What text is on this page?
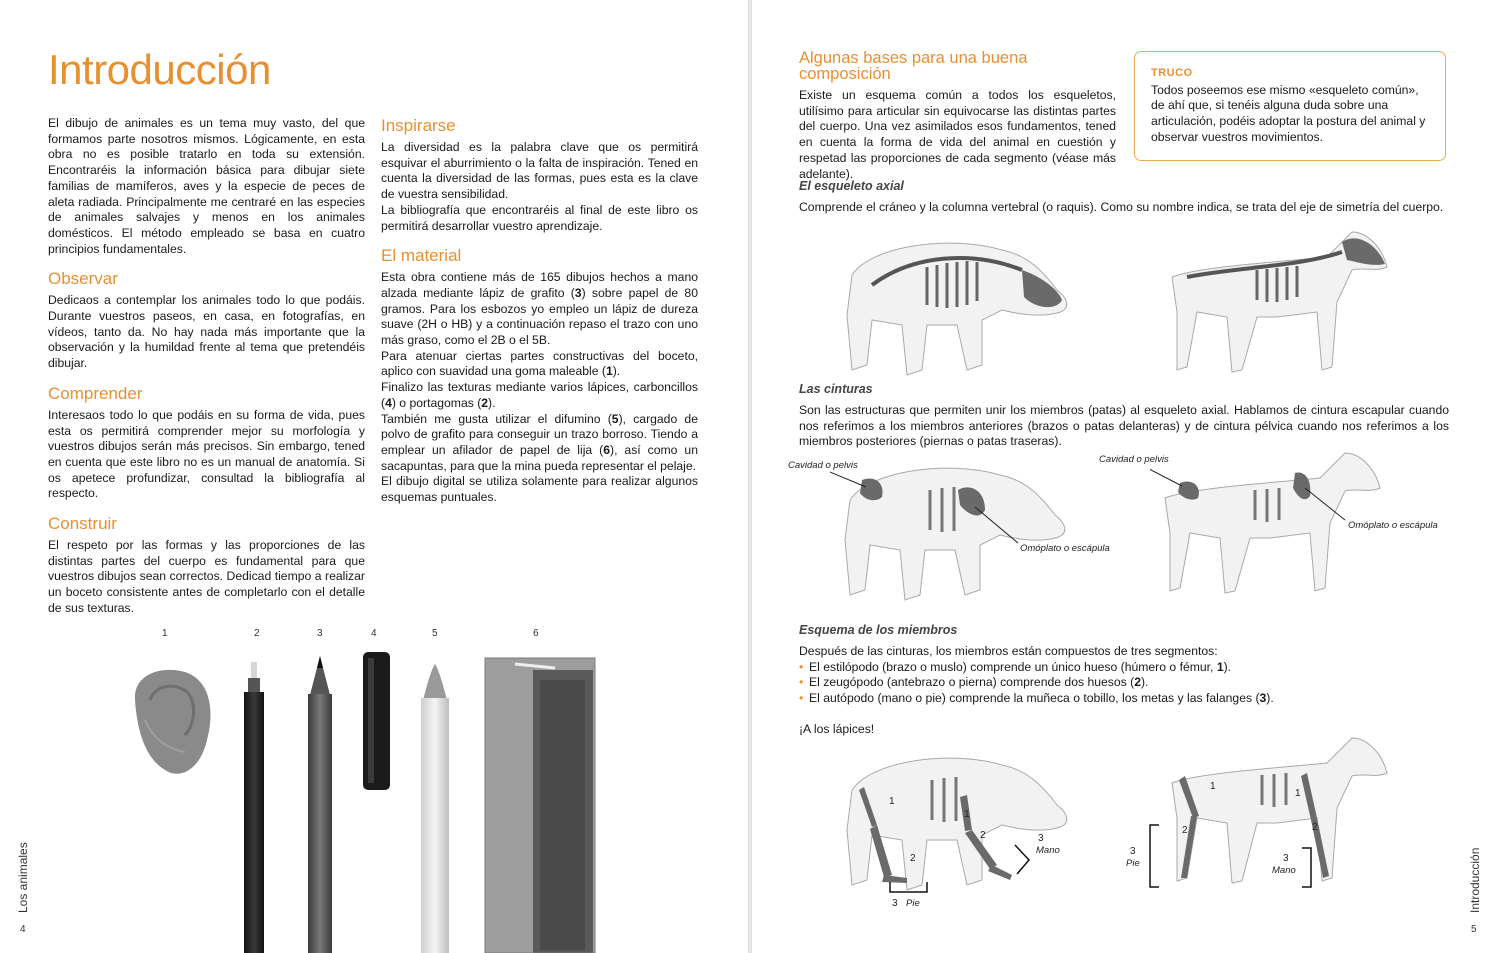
Introducción

El dibujo de animales es un tema muy vasto, del que formamos parte nosotros mismos. Lógicamente, en esta obra no es posible tratarlo en toda su extensión. Encontraréis la información básica para dibujar siete familias de mamíferos, aves y la especie de peces de aleta radiada. Principalmente me centraré en las especies de animales salvajes y menos en los animales domésticos. El método empleado se basa en cuatro principios fundamentales.

Observar

Dedicaos a contemplar los animales todo lo que podáis. Durante vuestros paseos, en casa, en fotografías, en vídeos, tanto da. No hay nada más importante que la observación y la humildad frente al tema que pretendéis dibujar.

Comprender

Interesaos todo lo que podáis en su forma de vida, pues esta os permitirá comprender mejor su morfología y vuestros dibujos serán más precisos. Sin embargo, tened en cuenta que este libro no es un manual de anatomía. Si os apetece profundizar, consultad la bibliografía al respecto.

Construir

El respeto por las formas y las proporciones de las distintas partes del cuerpo es fundamental para que vuestros dibujos sean correctos. Dedicad tiempo a realizar un boceto consistente antes de completarlo con el detalle de sus texturas.

Inspirarse

La diversidad es la palabra clave que os permitirá esquivar el aburrimiento o la falta de inspiración. Tened en cuenta la diversidad de las formas, pues esta es la clave de vuestra sensibilidad.

La bibliografía que encontraréis al final de este libro os permitirá desarrollar vuestro aprendizaje.

El material

Esta obra contiene más de 165 dibujos hechos a mano alzada mediante lápiz de grafito (3) sobre papel de 80 gramos. Para los esbozos yo empleo un lápiz de dureza suave (2H o HB) y a continuación repaso el trazo con uno más graso, como el 2B o el 5B.

Para atenuar ciertas partes constructivas del boceto, aplico con suavidad una goma maleable (1).

Finalizo las texturas mediante varios lápices, carboncillos (4) o portagomas (2).

También me gusta utilizar el difumino (5), cargado de polvo de grafito para conseguir un trazo borroso. Tiendo a emplear un afilador de papel de lija (6), así como un sacapuntas, para que la mina pueda representar el pelaje.

El dibujo digital se utiliza solamente para realizar algunos esquemas puntuales.

1	2	3	4	5	6
Los animales
4
Algunas bases para una buena composición

Existe un esquema común a todos los esqueletos, utilísimo para articular sin equivocarse las distintas partes del cuerpo. Una vez asimilados esos fundamentos, tened en cuenta la forma de vida del animal en cuestión y respetad las proporciones de cada segmento (véase más adelante).

TRUCO
Todos poseemos ese mismo «esqueleto común», de ahí que, si tenéis alguna duda sobre una articulación, podéis adoptar la postura del animal y observar vuestros movimientos.
El esqueleto axial

Comprende el cráneo y la columna vertebral (o raquis). Como su nombre indica, se trata del eje de simetría del cuerpo.

Las cinturas

Son las estructuras que permiten unir los miembros (patas) al esqueleto axial. Hablamos de cintura escapular cuando nos referimos a los miembros anteriores (brazos o patas delanteras) y de cintura pélvica cuando nos referimos a los miembros posteriores (piernas o patas traseras).

Cavidad o pelvis
Omóplato o escápula
Cavidad o pelvis
Omóplato o escápula
Esquema de los miembros

Después de las cinturas, los miembros están compuestos de tres segmentos:

• El estilópodo (brazo o muslo) comprende un único hueso (húmero o fémur, 1).
• El zeugópodo (antebrazo o pierna) comprende dos huesos (2).
• El autópodo (mano o pie) comprende la muñeca o tobillo, los metas y las falanges (3).

¡A los lápices!

1
2
1
2	3
Mano
3 Pie
1
2
1
2
3
Pie	3
Mano	Introducción
5
